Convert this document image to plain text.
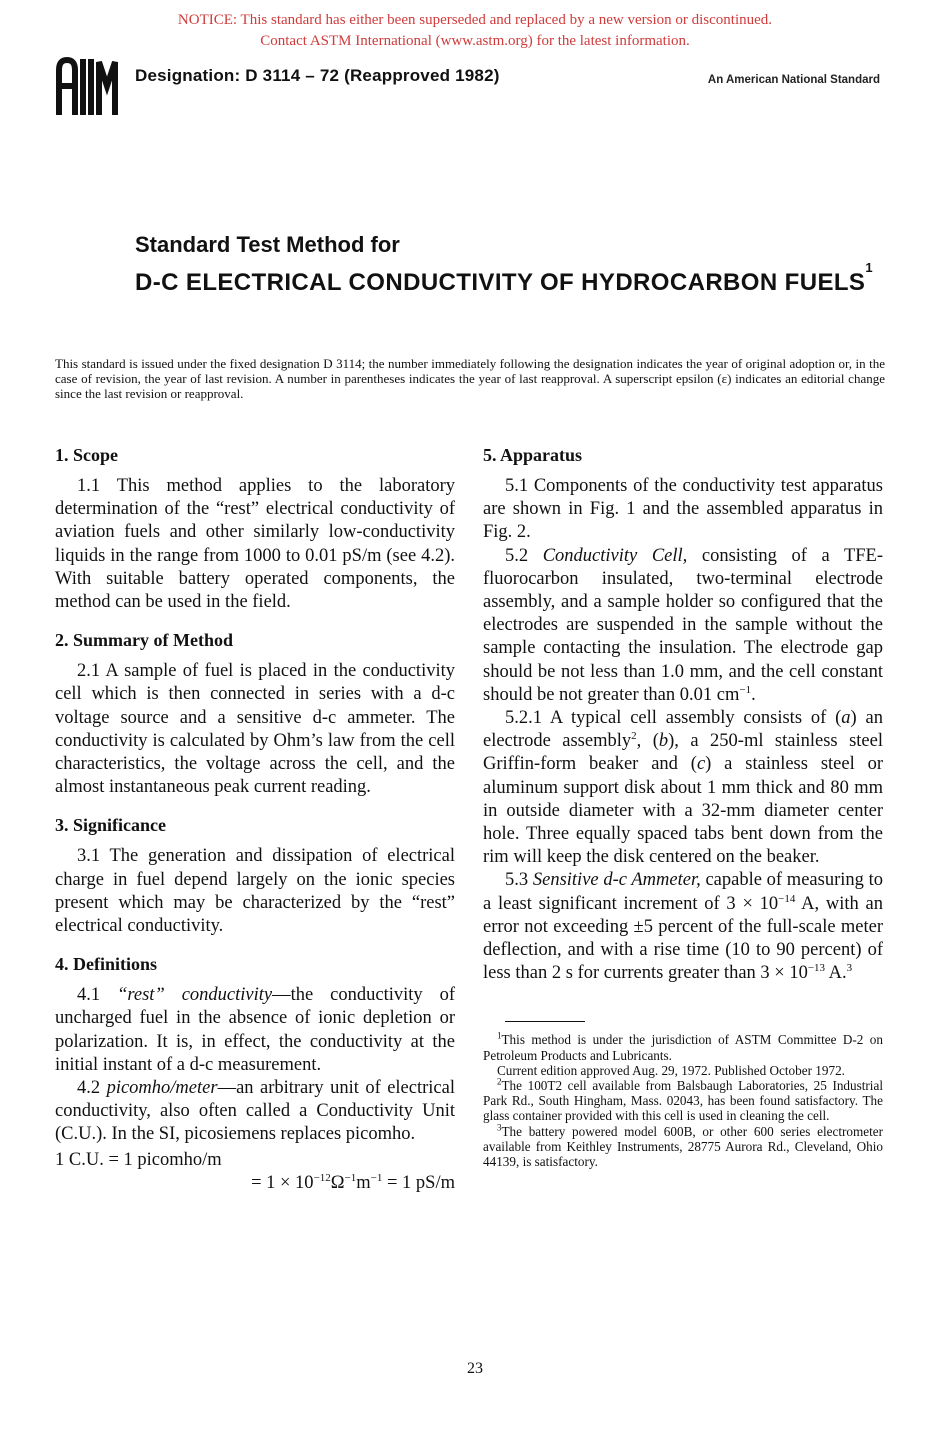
NOTICE: This standard has either been superseded and replaced by a new version or discontinued.
Contact ASTM International (www.astm.org) for the latest information.
ASTM
Designation: D 3114 – 72 (Reapproved 1982)	An American National Standard
Standard Test Method for
D-C ELECTRICAL CONDUCTIVITY OF HYDROCARBON FUELS$^1$
This standard is issued under the fixed designation D 3114; the number immediately following the designation indicates the year of original adoption or, in the case of revision, the year of last revision. A number in parentheses indicates the year of last reapproval. A superscript epsilon (ε) indicates an editorial change since the last revision or reapproval.
1. Scope

1.1 This method applies to the laboratory determination of the “rest” electrical conductivity of aviation fuels and other similarly low-conductivity liquids in the range from 1000 to 0.01 pS/m (see 4.2). With suitable battery operated components, the method can be used in the field.

2. Summary of Method

2.1 A sample of fuel is placed in the conductivity cell which is then connected in series with a d-c voltage source and a sensitive d-c ammeter. The conductivity is calculated by Ohm’s law from the cell characteristics, the voltage across the cell, and the almost instantaneous peak current reading.

3. Significance

3.1 The generation and dissipation of electrical charge in fuel depend largely on the ionic species present which may be characterized by the “rest” electrical conductivity.

4. Definitions

4.1 “rest” conductivity—the conductivity of uncharged fuel in the absence of ionic depletion or polarization. It is, in effect, the conductivity at the initial instant of a d-c measurement.

4.2 picomho/meter—an arbitrary unit of electrical conductivity, also often called a Conductivity Unit (C.U.). In the SI, picosiemens replaces picomho.

1 C.U. = 1 picomho/m

= $1 \times 10^{-12}\Omega^{-1}m^{-1} = 1$ pS/m

5. Apparatus

5.1 Components of the conductivity test apparatus are shown in Fig. 1 and the assembled apparatus in Fig. 2.

5.2 Conductivity Cell, consisting of a TFE-fluorocarbon insulated, two-terminal electrode assembly, and a sample holder so configured that the electrodes are suspended in the sample without the sample contacting the insulation. The electrode gap should be not less than 1.0 mm, and the cell constant should be not greater than 0.01 $cm^{-1}$.

5.2.1 A typical cell assembly consists of (a) an electrode assembly$^2$, (b), a 250-ml stainless steel Griffin-form beaker and (c) a stainless steel or aluminum support disk about 1 mm thick and 80 mm in outside diameter with a 32-mm diameter center hole. Three equally spaced tabs bent down from the rim will keep the disk centered on the beaker.

5.3 Sensitive d-c Ammeter, capable of measuring to a least significant increment of $3 \times 10^{-14}$ A, with an error not exceeding ±5 percent of the full-scale meter deflection, and with a rise time (10 to 90 percent) of less than 2 s for currents greater than $3 \times 10^{-13}$ A.$^3$

$^1$This method is under the jurisdiction of ASTM Committee D-2 on Petroleum Products and Lubricants.

Current edition approved Aug. 29, 1972. Published October 1972.

$^2$The 100T2 cell available from Balsbaugh Laboratories, 25 Industrial Park Rd., South Hingham, Mass. 02043, has been found satisfactory. The glass container provided with this cell is used in cleaning the cell.

$^3$The battery powered model 600B, or other 600 series electrometer available from Keithley Instruments, 28775 Aurora Rd., Cleveland, Ohio 44139, is satisfactory.

23
